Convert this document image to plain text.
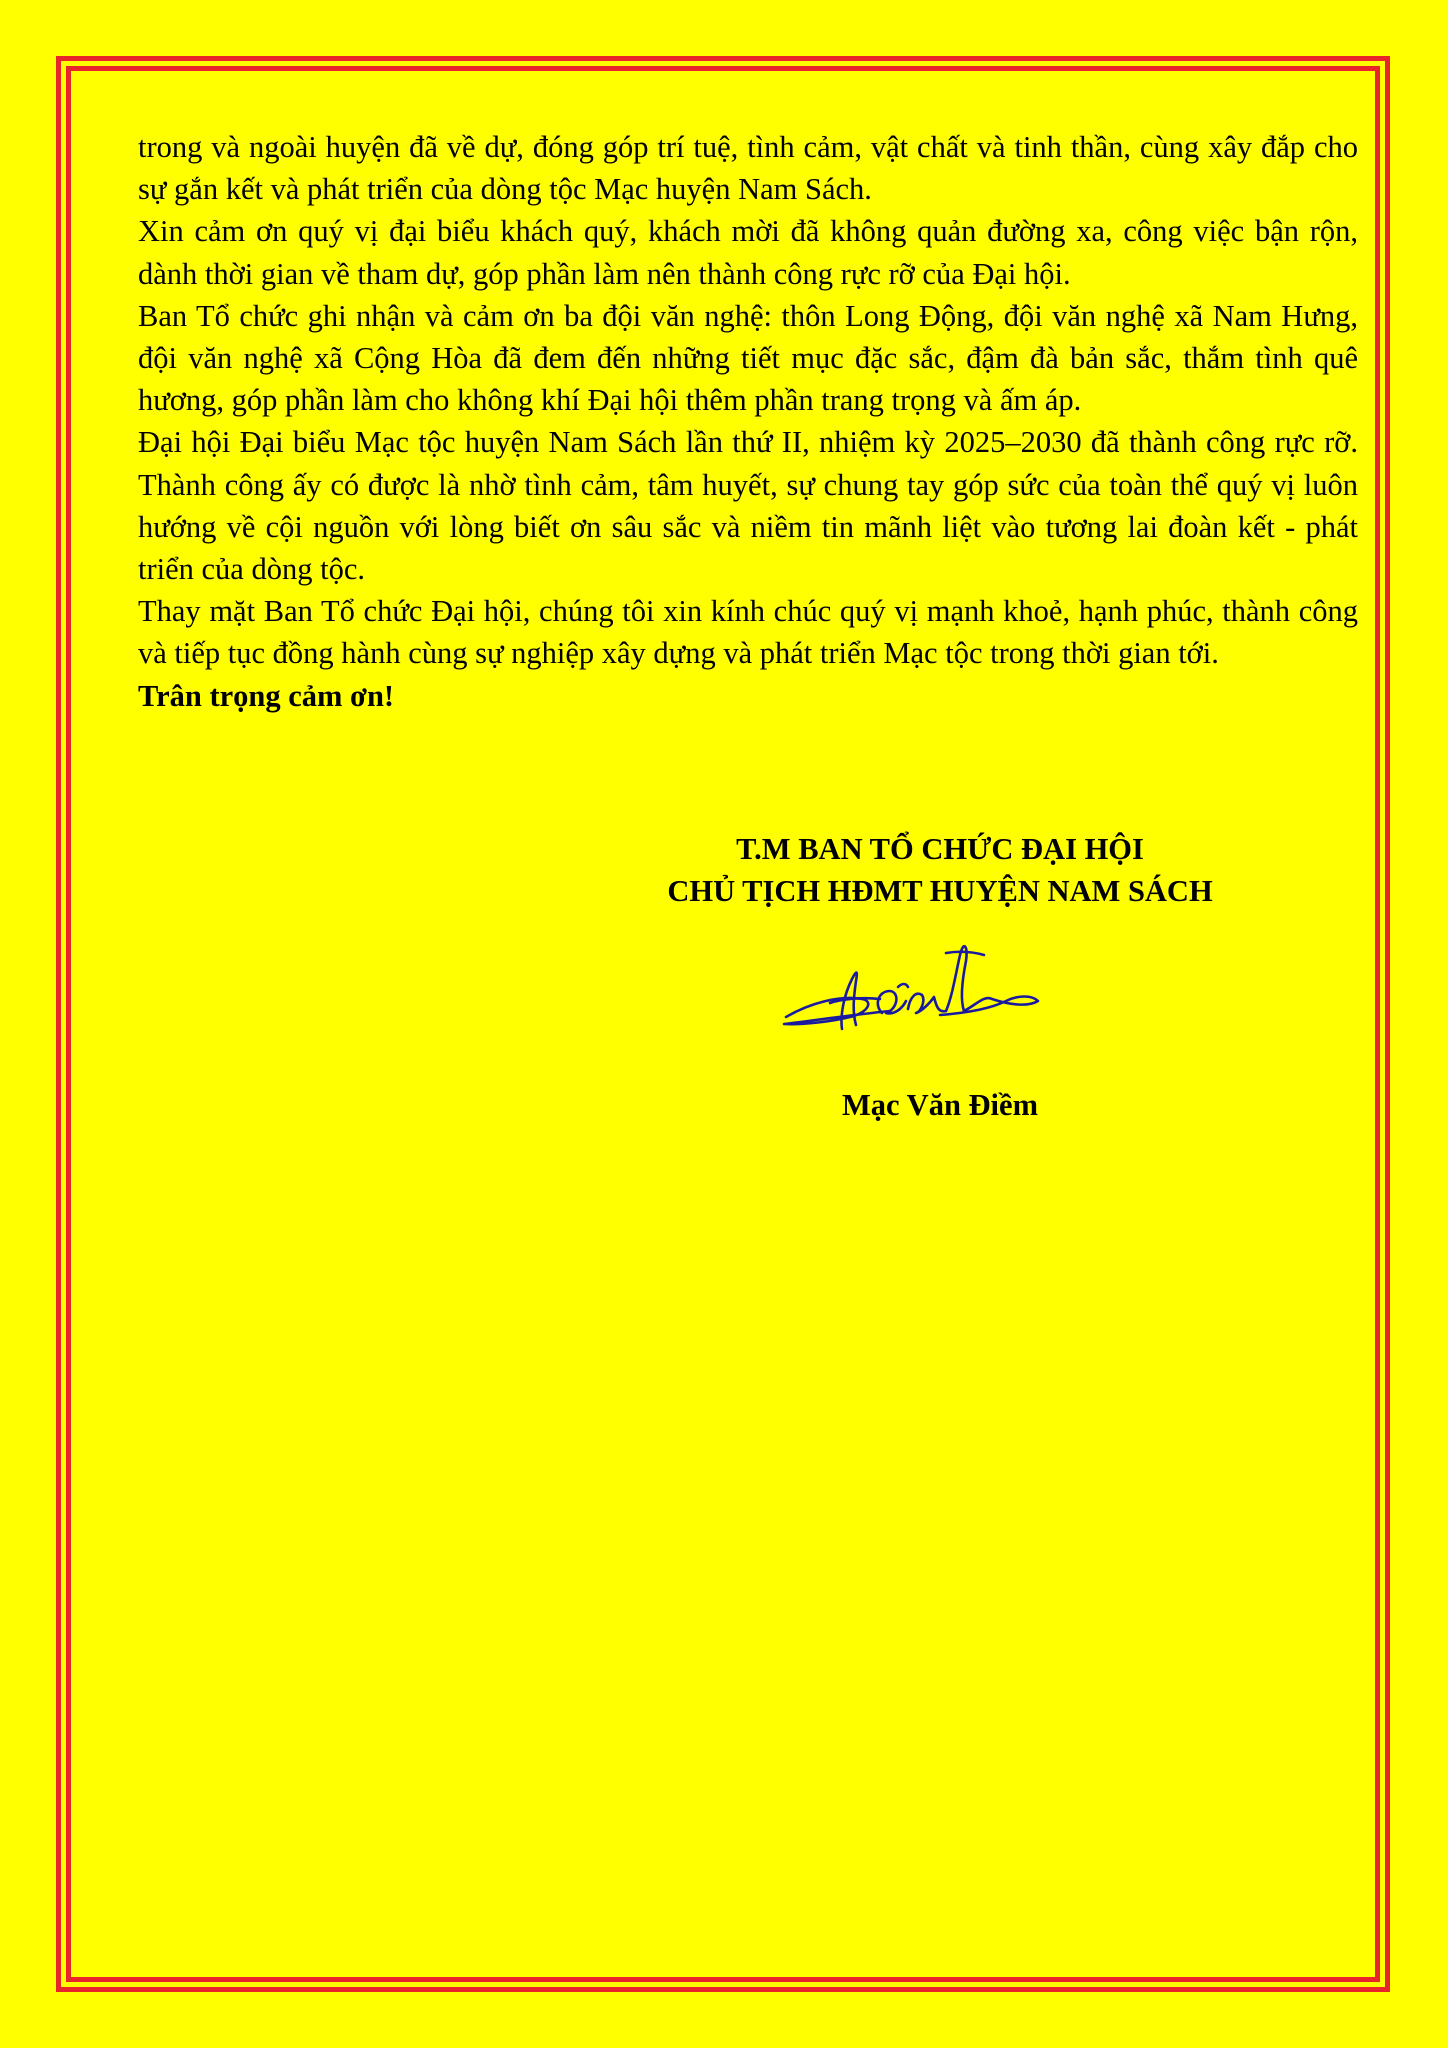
trong và ngoài huyện đã về dự, đóng góp trí tuệ, tình cảm, vật chất và tinh thần, cùng xây đắp cho sự gắn kết và phát triển của dòng tộc Mạc huyện Nam Sách.

Xin cảm ơn quý vị đại biểu khách quý, khách mời đã không quản đường xa, công việc bận rộn, dành thời gian về tham dự, góp phần làm nên thành công rực rỡ của Đại hội.

Ban Tổ chức ghi nhận và cảm ơn ba đội văn nghệ: thôn Long Động, đội văn nghệ xã Nam Hưng, đội văn nghệ xã Cộng Hòa đã đem đến những tiết mục đặc sắc, đậm đà bản sắc, thắm tình quê hương, góp phần làm cho không khí Đại hội thêm phần trang trọng và ấm áp.

Đại hội Đại biểu Mạc tộc huyện Nam Sách lần thứ II, nhiệm kỳ 2025–2030 đã thành công rực rỡ. Thành công ấy có được là nhờ tình cảm, tâm huyết, sự chung tay góp sức của toàn thể quý vị luôn hướng về cội nguồn với lòng biết ơn sâu sắc và niềm tin mãnh liệt vào tương lai đoàn kết - phát triển của dòng tộc.

Thay mặt Ban Tổ chức Đại hội, chúng tôi xin kính chúc quý vị mạnh khoẻ, hạnh phúc, thành công và tiếp tục đồng hành cùng sự nghiệp xây dựng và phát triển Mạc tộc trong thời gian tới.

Trân trọng cảm ơn!

T.M BAN TỔ CHỨC ĐẠI HỘI
CHỦ TỊCH HĐMT HUYỆN NAM SÁCH
Mạc Văn Điềm
